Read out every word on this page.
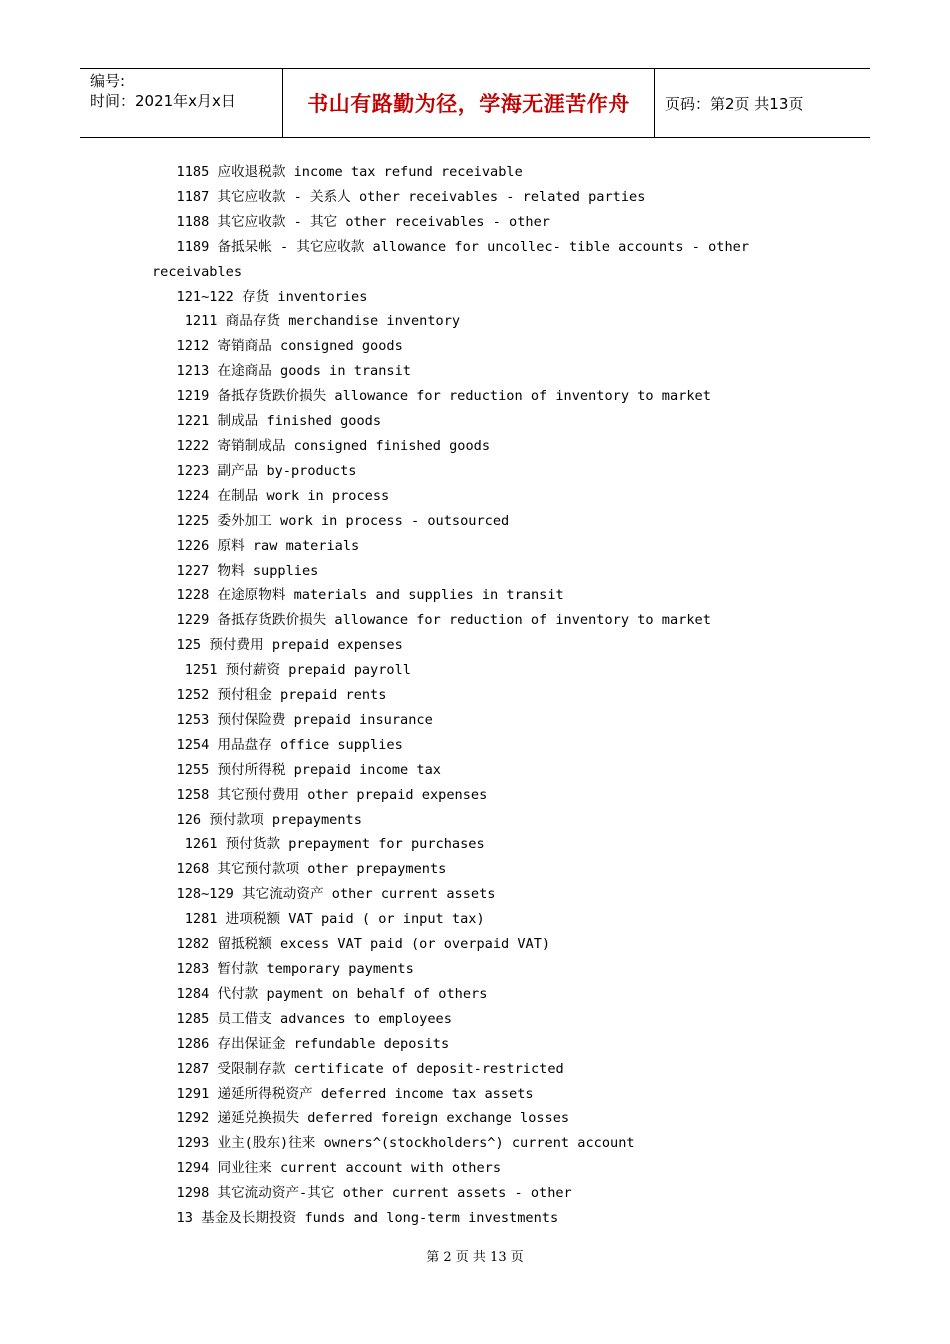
编号:
时间：2021年x月x日	书山有路勤为径，学海无涯苦作舟	页码：第2页 共13页
1185 应收退税款 income tax refund receivable
1187 其它应收款 - 关系人 other receivables - related parties
1188 其它应收款 - 其它 other receivables - other
1189 备抵呆帐 - 其它应收款 allowance for uncollec- tible accounts - other
receivables
121~122 存货 inventories
1211 商品存货 merchandise inventory
1212 寄销商品 consigned goods
1213 在途商品 goods in transit
1219 备抵存货跌价损失 allowance for reduction of inventory to market
1221 制成品 finished goods
1222 寄销制成品 consigned finished goods
1223 副产品 by-products
1224 在制品 work in process
1225 委外加工 work in process - outsourced
1226 原料 raw materials
1227 物料 supplies
1228 在途原物料 materials and supplies in transit
1229 备抵存货跌价损失 allowance for reduction of inventory to market
125 预付费用 prepaid expenses
1251 预付薪资 prepaid payroll
1252 预付租金 prepaid rents
1253 预付保险费 prepaid insurance
1254 用品盘存 office supplies
1255 预付所得税 prepaid income tax
1258 其它预付费用 other prepaid expenses
126 预付款项 prepayments
1261 预付货款 prepayment for purchases
1268 其它预付款项 other prepayments
128~129 其它流动资产 other current assets
1281 进项税额 VAT paid ( or input tax)
1282 留抵税额 excess VAT paid (or overpaid VAT)
1283 暂付款 temporary payments
1284 代付款 payment on behalf of others
1285 员工借支 advances to employees
1286 存出保证金 refundable deposits
1287 受限制存款 certificate of deposit-restricted
1291 递延所得税资产 deferred income tax assets
1292 递延兑换损失 deferred foreign exchange losses
1293 业主(股东)往来 owners^(stockholders^) current account
1294 同业往来 current account with others
1298 其它流动资产-其它 other current assets - other
13 基金及长期投资 funds and long-term investments
第 2 页 共 13 页
